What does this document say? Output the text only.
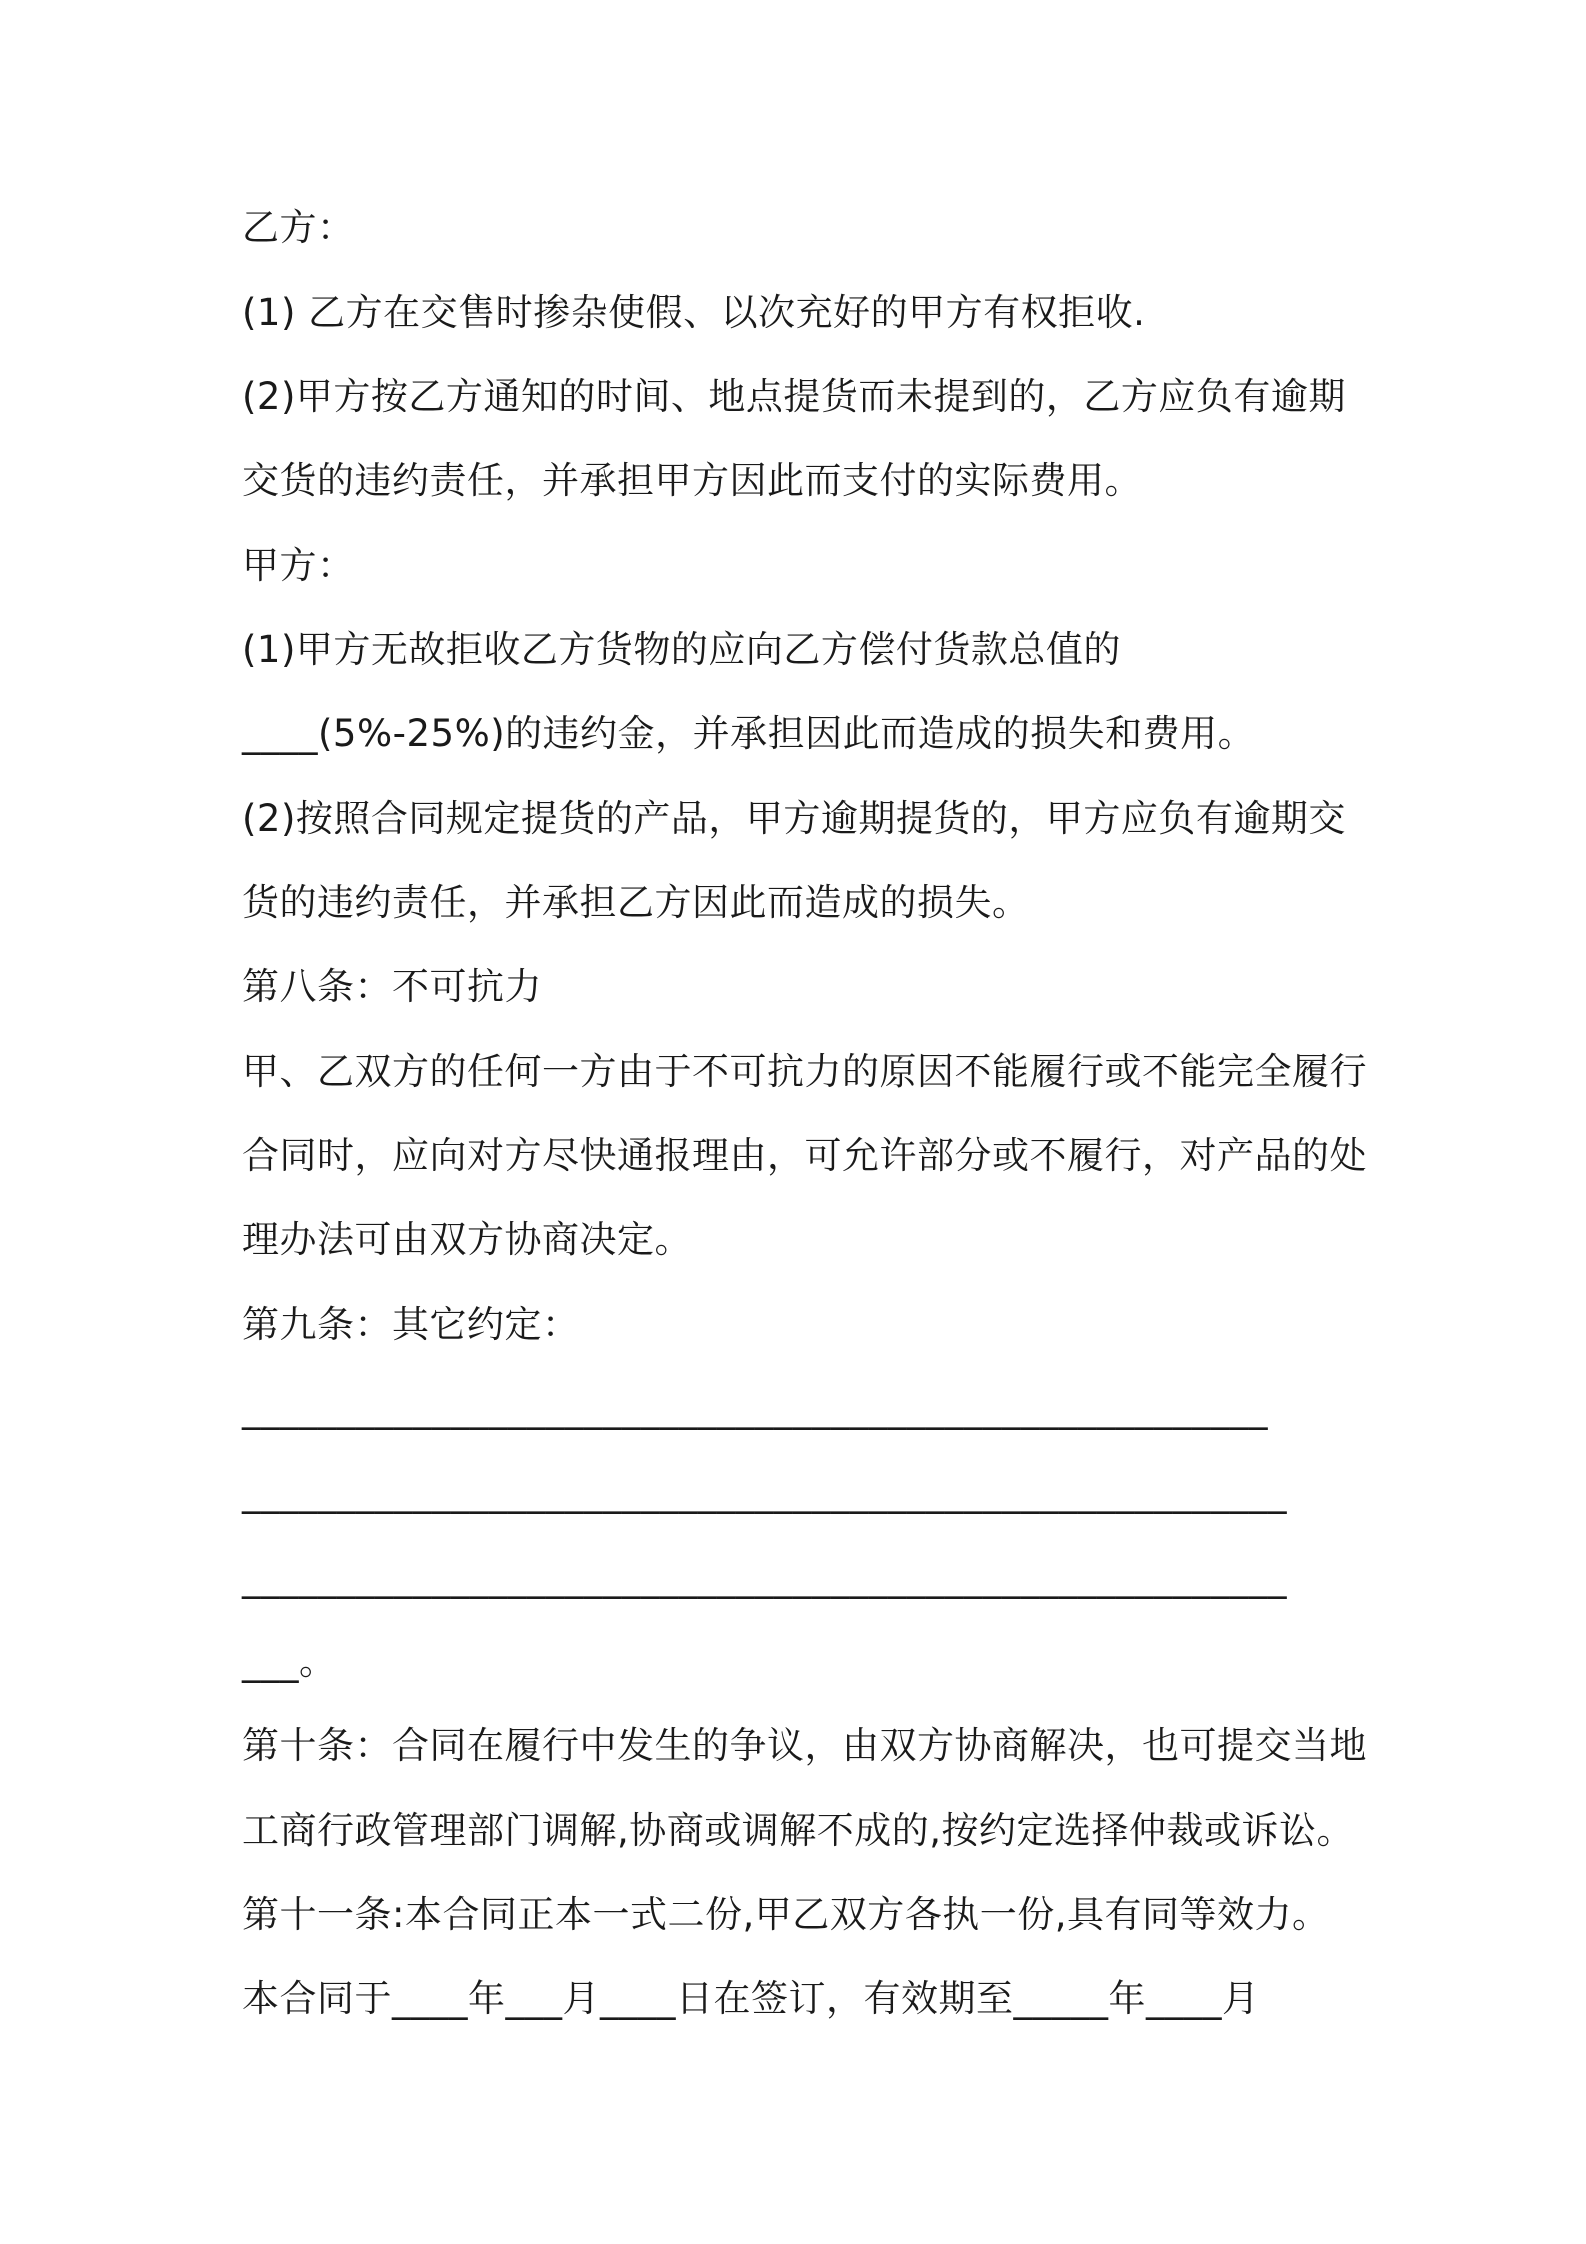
乙方：
(1) 乙方在交售时掺杂使假、以次充好的甲方有权拒收.
(2)甲方按乙方通知的时间、地点提货而未提到的，乙方应负有逾期
交货的违约责任，并承担甲方因此而支付的实际费用。
甲方：
(1)甲方无故拒收乙方货物的应向乙方偿付货款总值的
____(5%-25%)的违约金，并承担因此而造成的损失和费用。
(2)按照合同规定提货的产品，甲方逾期提货的，甲方应负有逾期交
货的违约责任，并承担乙方因此而造成的损失。
第八条：不可抗力
甲、乙双方的任何一方由于不可抗力的原因不能履行或不能完全履行
合同时，应向对方尽快通报理由，可允许部分或不履行，对产品的处
理办法可由双方协商决定。
第九条：其它约定：
______________________________________________________
_______________________________________________________
_______________________________________________________
___。
第十条：合同在履行中发生的争议，由双方协商解决，也可提交当地
工商行政管理部门调解,协商或调解不成的,按约定选择仲裁或诉讼。
第十一条:本合同正本一式二份,甲乙双方各执一份,具有同等效力。
本合同于____年___月____日在签订，有效期至_____年____月
